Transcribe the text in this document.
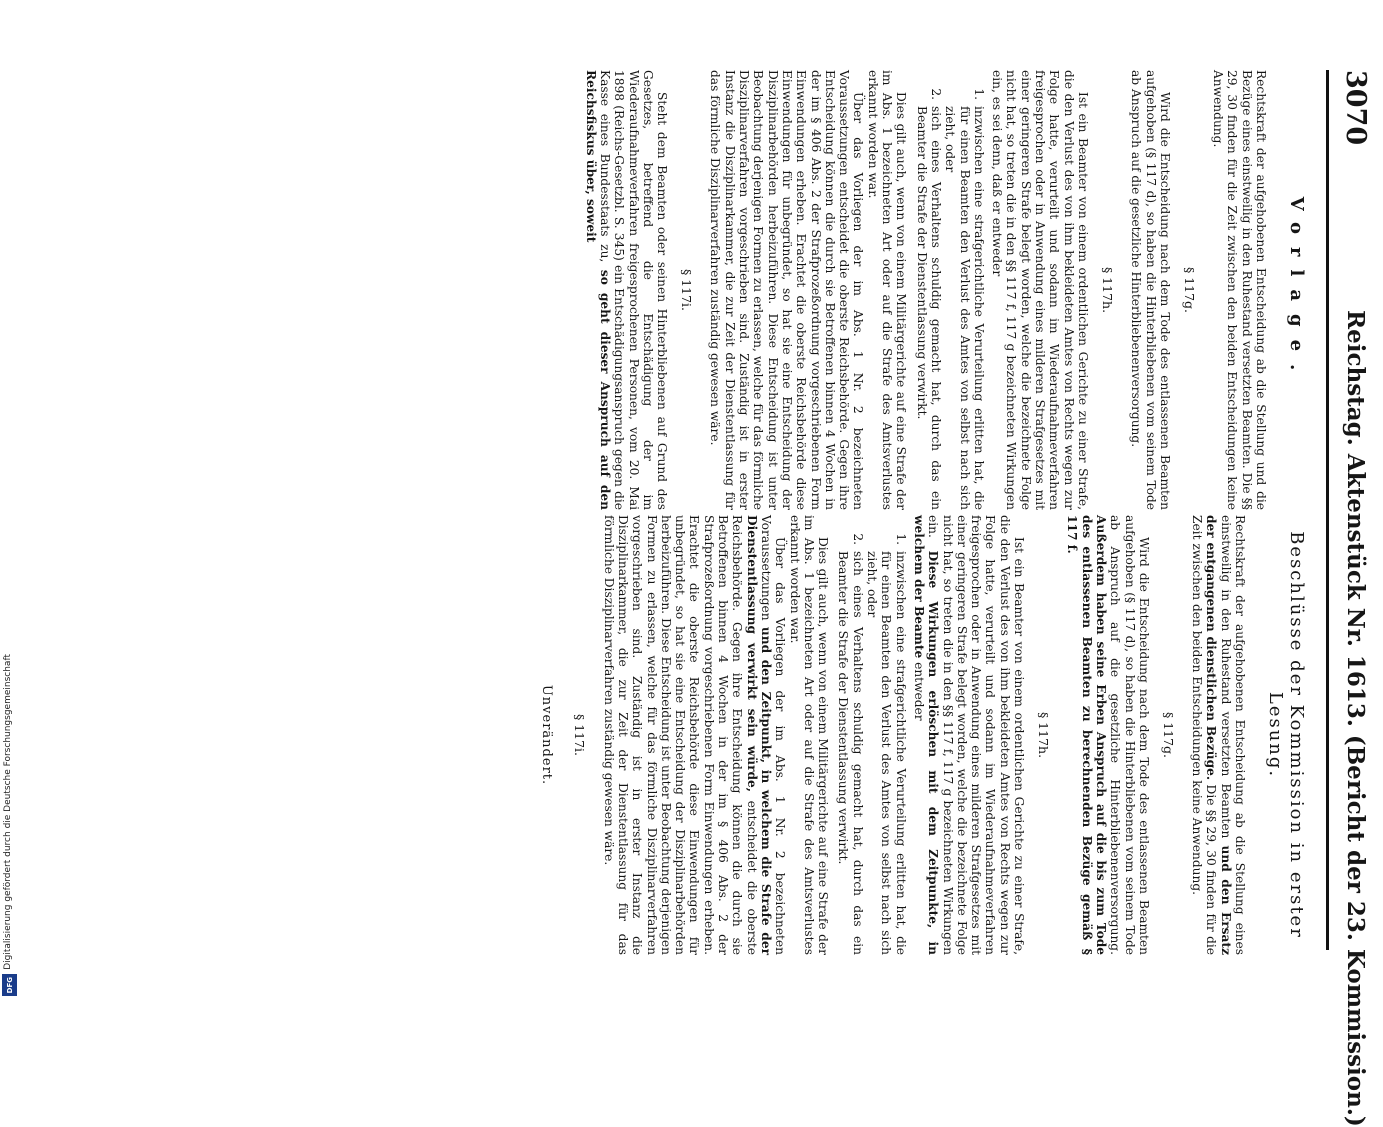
3070
Reichstag. Aktenstück Nr. 1613. (Bericht der 23. Kommission.)
Vorlage.

Rechtskraft der aufgehobenen Entscheidung ab die Stellung und die Bezüge eines einstweilig in den Ruhestand versetzten Beamten. Die §§ 29, 30 finden für die Zeit zwischen den beiden Entscheidungen keine Anwendung.

§ 117g.

Wird die Entscheidung nach dem Tode des entlassenen Beamten aufgehoben (§ 117 d), so haben die Hinterbliebenen vom seinem Tode ab Anspruch auf die gesetzliche Hinterbliebenenversorgung.

§ 117h.

Ist ein Beamter von einem ordentlichen Gerichte zu einer Strafe, die den Verlust des von ihm bekleideten Amtes von Rechts wegen zur Folge hatte, verurteilt und sodann im Wiederaufnahmeverfahren freigesprochen oder in Anwendung eines milderen Strafgesetzes mit einer geringeren Strafe belegt worden, welche die bezeichnete Folge nicht hat, so treten die in den §§ 117 f, 117 g bezeichneten Wirkungen ein, es sei denn, daß er entweder

1.
inzwischen eine strafgerichtliche Verurteilung erlitten hat, die für einen Beamten den Verlust des Amtes von selbst nach sich zieht, oder
2.
sich eines Verhaltens schuldig gemacht hat, durch das ein Beamter die Strafe der Dienstentlassung verwirkt.

Dies gilt auch, wenn von einem Militärgerichte auf eine Strafe der im Abs. 1 bezeichneten Art oder auf die Strafe des Amtsverlustes erkannt worden war.

Über das Vorliegen der im Abs. 1 Nr. 2 bezeichneten Voraussetzungen entscheidet die oberste Reichsbehörde. Gegen ihre Entscheidung können die durch sie Betroffenen binnen 4 Wochen in der im § 406 Abs. 2 der Strafprozeßordnung vorgeschriebenen Form Einwendungen erheben. Erachtet die oberste Reichsbehörde diese Einwendungen für unbegründet, so hat sie eine Entscheidung der Disziplinarbehörden herbeizuführen. Diese Entscheidung ist unter Beobachtung derjenigen Formen zu erlassen, welche für das förmliche Disziplinarverfahren vorgeschrieben sind. Zuständig ist in erster Instanz die Disziplinarkammer, die zur Zeit der Dienstentlassung für das förmliche Disziplinarverfahren zuständig gewesen wäre.

§ 117i.

Steht dem Beamten oder seinen Hinterbliebenen auf Grund des Gesetzes, betreffend die Entschädigung der im Wiederaufnahmeverfahren freigesprochenen Personen, vom 20. Mai 1898 (Reichs-Gesetzbl. S. 345) ein Entschädigungsanspruch gegen die Kasse eines Bundesstaats zu, so geht dieser Anspruch auf den Reichsfiskus über, soweit

Beschlüsse der Kommission in erster Lesung.

Rechtskraft der aufgehobenen Entscheidung ab die Stellung eines einstweilig in den Ruhestand versetzten Beamten und den Ersatz der entgangenen dienstlichen Bezüge. Die §§ 29, 30 finden für die Zeit zwischen den beiden Entscheidungen keine Anwendung.

§ 117g.

Wird die Entscheidung nach dem Tode des entlassenen Beamten aufgehoben (§ 117 d), so haben die Hinterbliebenen vom seinem Tode ab Anspruch auf die gesetzliche Hinterbliebenenversorgung. Außerdem haben seine Erben Anspruch auf die bis zum Tode des entlassenen Beamten zu berechnenden Bezüge gemäß § 117 f.

§ 117h.

Ist ein Beamter von einem ordentlichen Gerichte zu einer Strafe, die den Verlust des von ihm bekleideten Amtes von Rechts wegen zur Folge hatte, verurteilt und sodann im Wiederaufnahmeverfahren freigesprochen oder in Anwendung eines milderen Strafgesetzes mit einer geringeren Strafe belegt worden, welche die bezeichnete Folge nicht hat, so treten die in den §§ 117 f, 117 g bezeichneten Wirkungen ein. Diese Wirkungen erlöschen mit dem Zeitpunkte, in welchem der Beamte entweder

1.
inzwischen eine strafgerichtliche Verurteilung erlitten hat, die für einen Beamten den Verlust des Amtes von selbst nach sich zieht, oder
2.
sich eines Verhaltens schuldig gemacht hat, durch das ein Beamter die Strafe der Dienstentlassung verwirkt.

Dies gilt auch, wenn von einem Militärgerichte auf eine Strafe der im Abs. 1 bezeichneten Art oder auf die Strafe des Amtsverlustes erkannt worden war.

Über das Vorliegen der im Abs. 1 Nr. 2 bezeichneten Voraussetzungen und den Zeitpunkt, in welchem die Strafe der Dienstentlassung verwirkt sein würde, entscheidet die oberste Reichsbehörde. Gegen ihre Entscheidung können die durch sie Betroffenen binnen 4 Wochen in der im § 406 Abs. 2 der Strafprozeßordnung vorgeschriebenen Form Einwendungen erheben. Erachtet die oberste Reichsbehörde diese Einwendungen für unbegründet, so hat sie eine Entscheidung der Disziplinarbehörden herbeizuführen. Diese Entscheidung ist unter Beobachtung derjenigen Formen zu erlassen, welche für das förmliche Disziplinarverfahren vorgeschrieben sind. Zuständig ist in erster Instanz die Disziplinarkammer, die zur Zeit der Dienstentlassung für das förmliche Disziplinarverfahren zuständig gewesen wäre.

§ 117i.
Unverändert.
Digitalisierung gefördert durch die Deutsche Forschungsgemeinschaft
DFG
